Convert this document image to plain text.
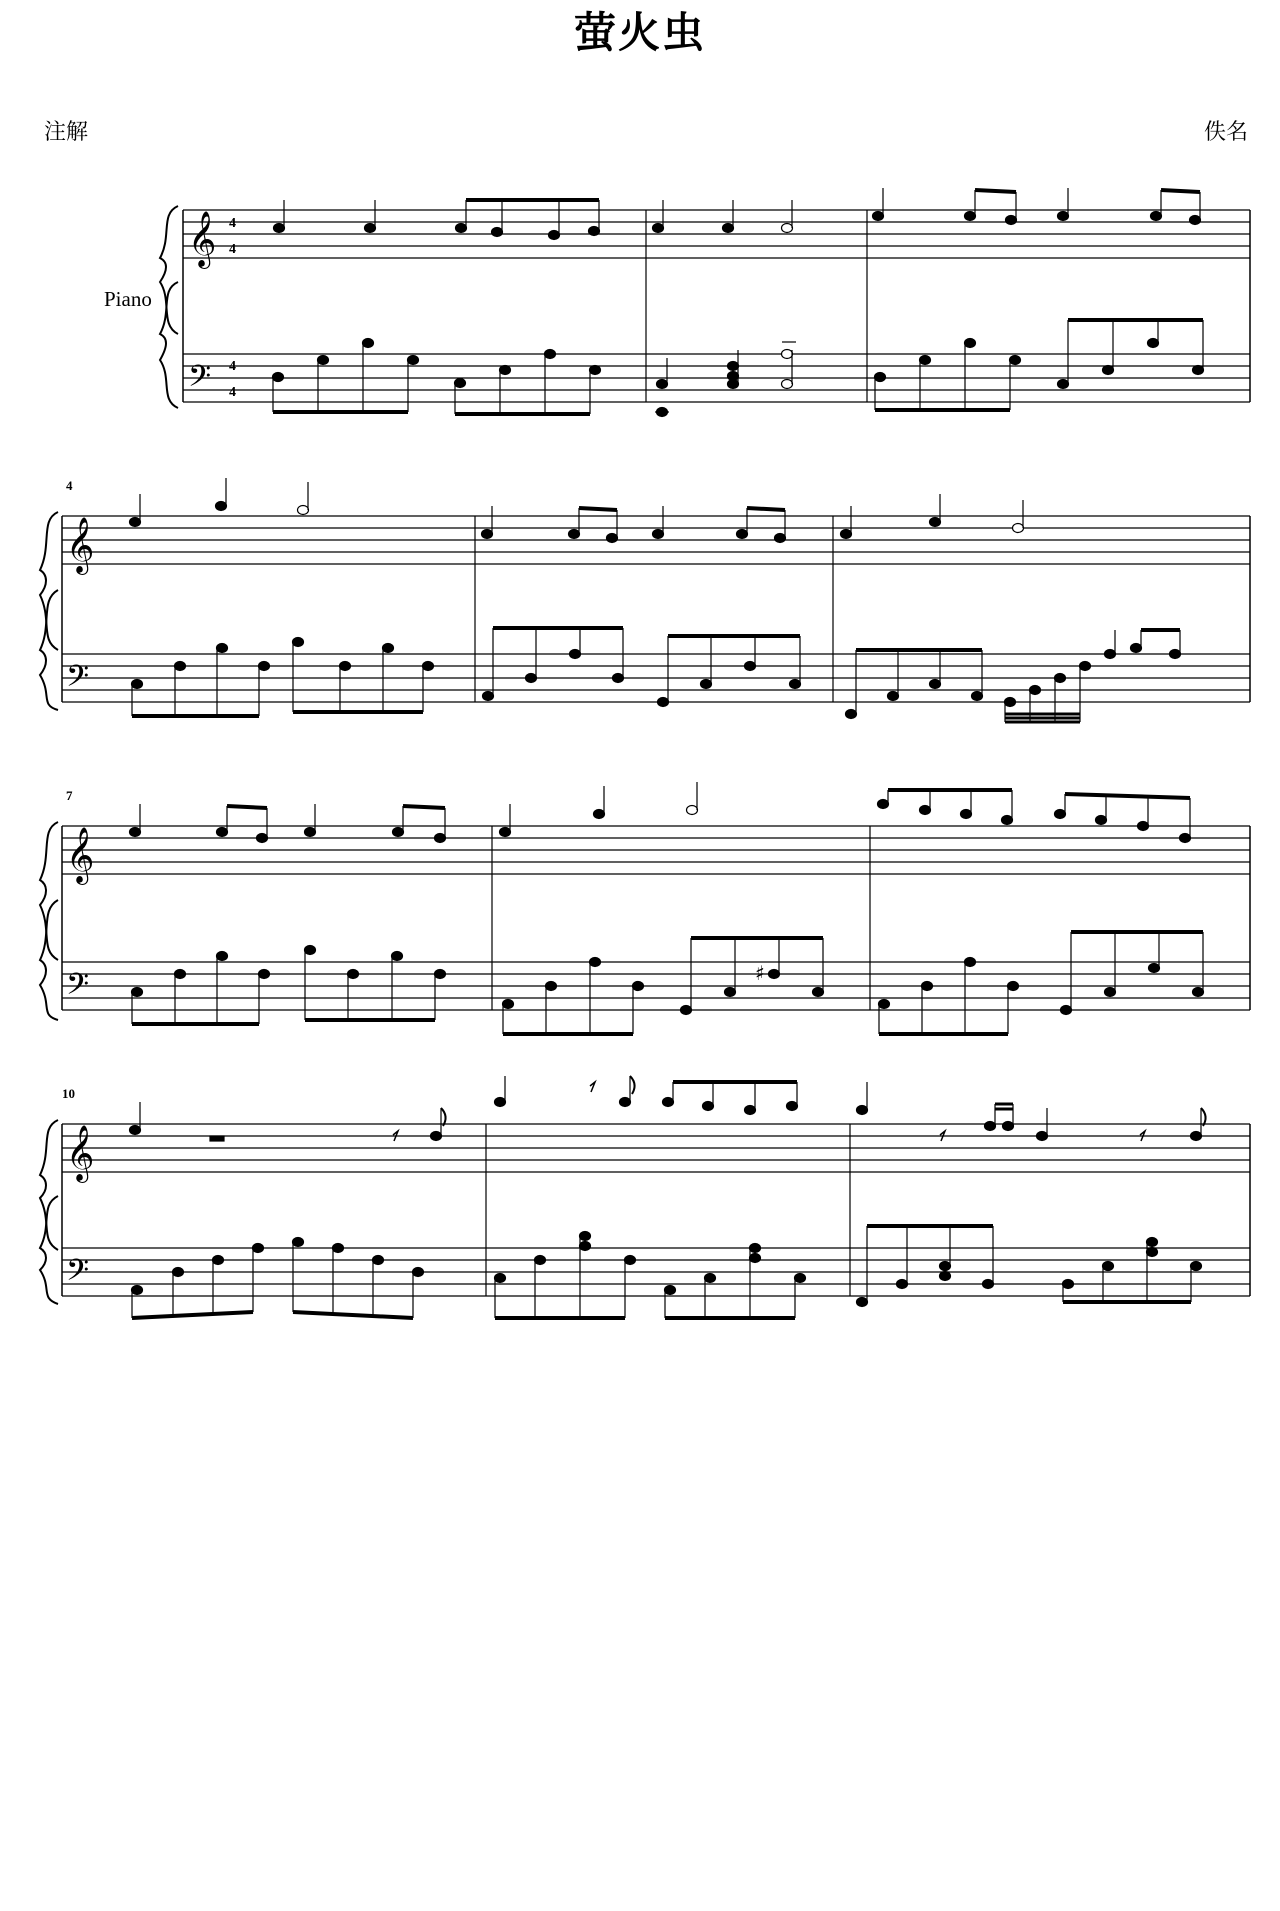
萤火虫
注解	佚名
Piano
𝄞
𝄢
4
4
4
4
4
𝄞
𝄢
7
𝄞
𝄢	♯
10
𝄞
𝄢
